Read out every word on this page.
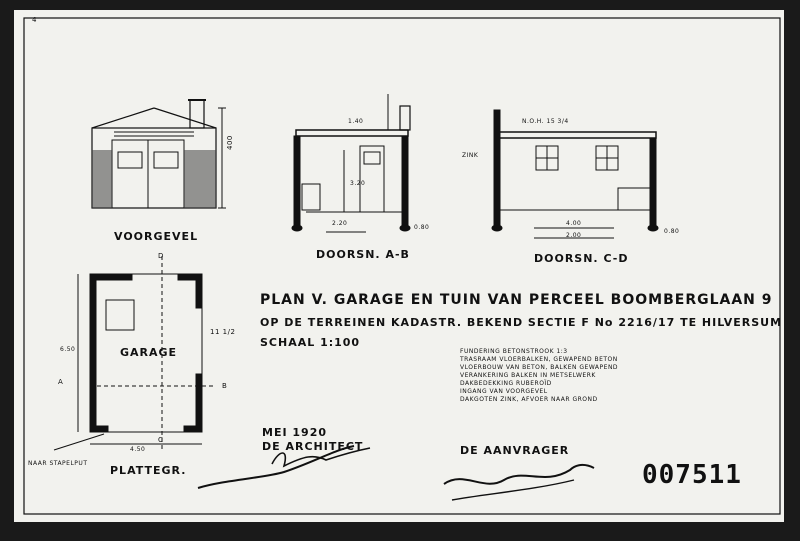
4
VOORGEVEL
400
DOORSN. A-B
1.40
3.20
2.20
0.80
DOORSN. C-D
N.O.H. 15 3/4
ZINK
4.00
2.00
0.80
GARAGE
PLATTEGR.
A	B
C
D
6.50
4.50
11 1/2
NAAR STAPELPUT
PLAN V. GARAGE EN TUIN VAN PERCEEL BOOMBERGLAAN 9
OP DE TERREINEN KADASTR. BEKEND SECTIE F No 2216/17 TE HILVERSUM
SCHAAL 1:100
FUNDERING BETONSTROOK 1:3
TRASRAAM VLOERBALKEN, GEWAPEND BETON
VLOERBOUW VAN BETON, BALKEN GEWAPEND
VERANKERING BALKEN IN METSELWERK
DAKBEDEKKING RUBEROÏD
INGANG VAN VOORGEVEL
DAKGOTEN ZINK, AFVOER NAAR GROND
MEI 1920
DE ARCHITECT	DE AANVRAGER
007511
